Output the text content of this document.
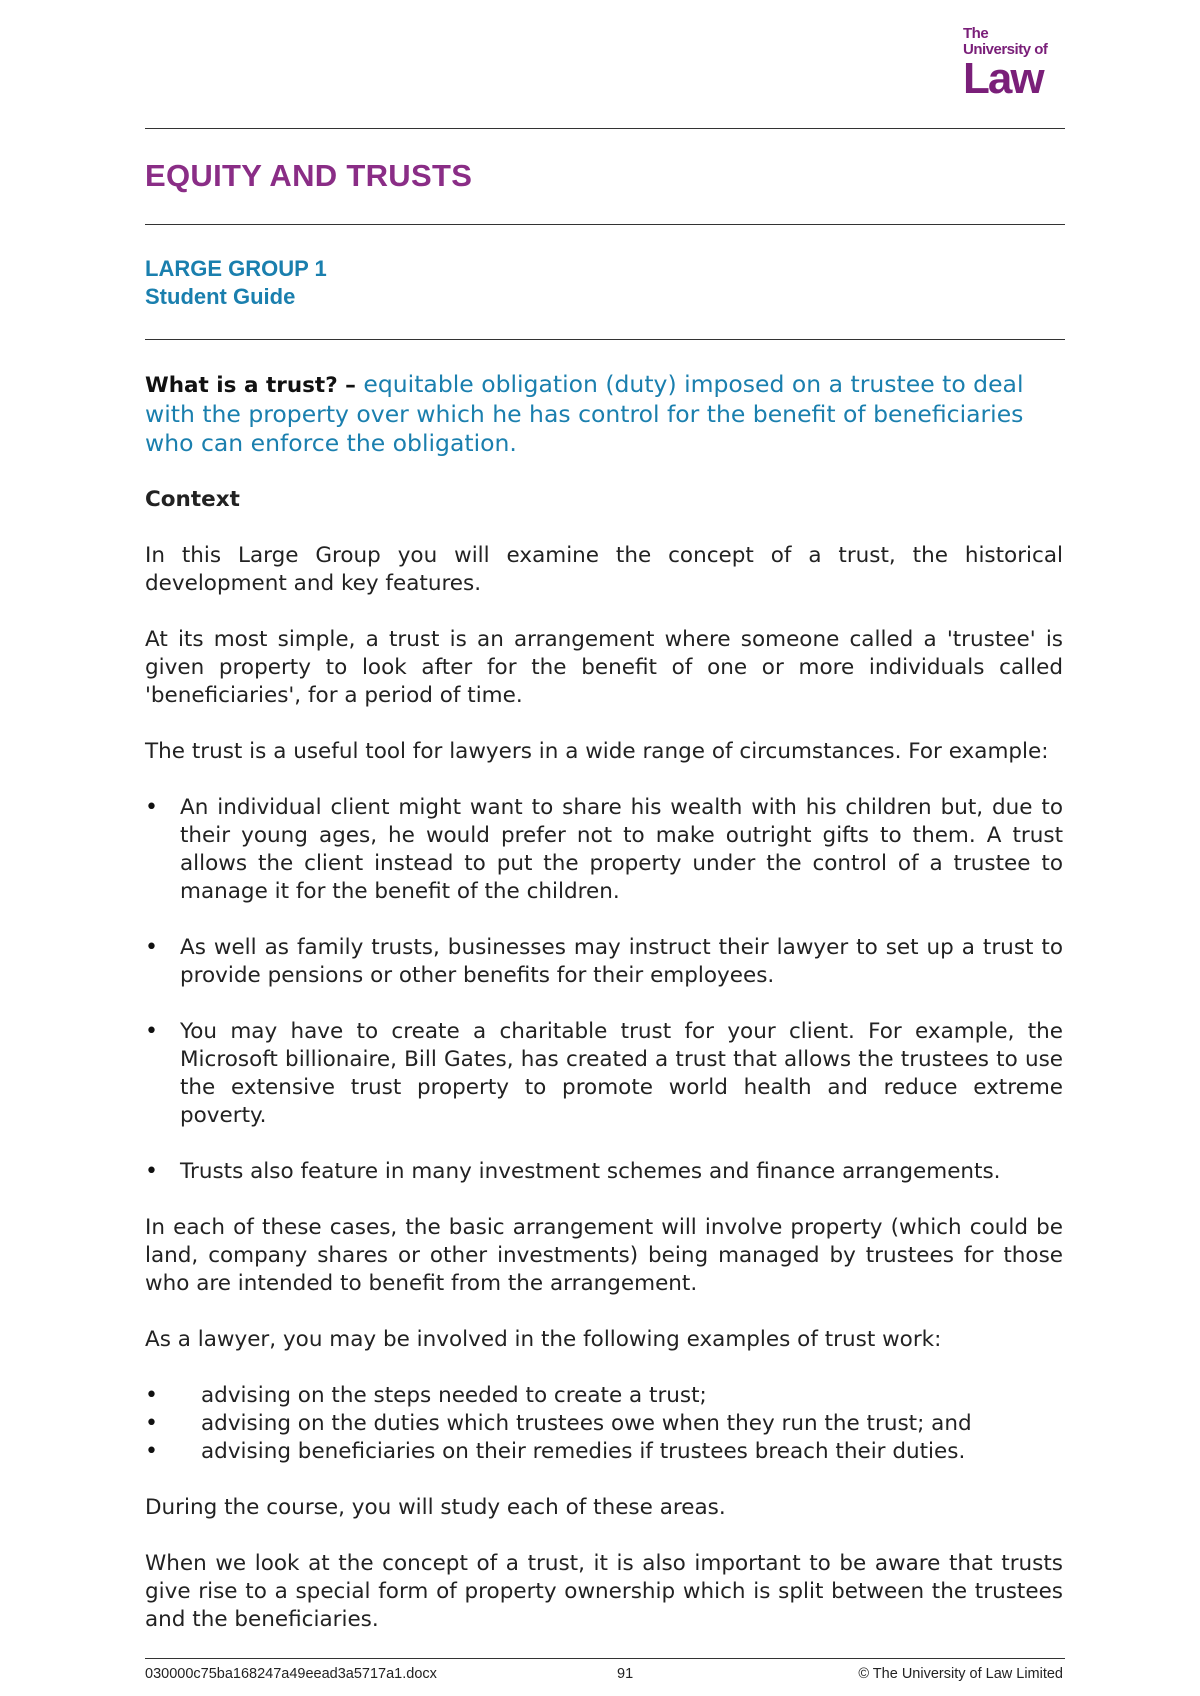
The
University of
Law
EQUITY AND TRUSTS
LARGE GROUP 1
Student Guide
What is a trust? – equitable obligation (duty) imposed on a trustee to deal with the property over which he has control for the benefit of beneficiaries who can enforce the obligation.
Context

In this Large Group you will examine the concept of a trust, the historical development and key features.

At its most simple, a trust is an arrangement where someone called a 'trustee' is given property to look after for the benefit of one or more individuals called 'beneficiaries', for a period of time.

The trust is a useful tool for lawyers in a wide range of circumstances. For example:

• An individual client might want to share his wealth with his children but, due to their young ages, he would prefer not to make outright gifts to them. A trust allows the client instead to put the property under the control of a trustee to manage it for the benefit of the children.
• As well as family trusts, businesses may instruct their lawyer to set up a trust to provide pensions or other benefits for their employees.
• You may have to create a charitable trust for your client. For example, the Microsoft billionaire, Bill Gates, has created a trust that allows the trustees to use the extensive trust property to promote world health and reduce extreme poverty.
• Trusts also feature in many investment schemes and finance arrangements.

In each of these cases, the basic arrangement will involve property (which could be land, company shares or other investments) being managed by trustees for those who are intended to benefit from the arrangement.

As a lawyer, you may be involved in the following examples of trust work:

• advising on the steps needed to create a trust;
• advising on the duties which trustees owe when they run the trust; and
• advising beneficiaries on their remedies if trustees breach their duties.

During the course, you will study each of these areas.

When we look at the concept of a trust, it is also important to be aware that trusts give rise to a special form of property ownership which is split between the trustees and the beneficiaries.

030000c75ba168247a49eead3a5717a1.docx	91	© The University of Law Limited
